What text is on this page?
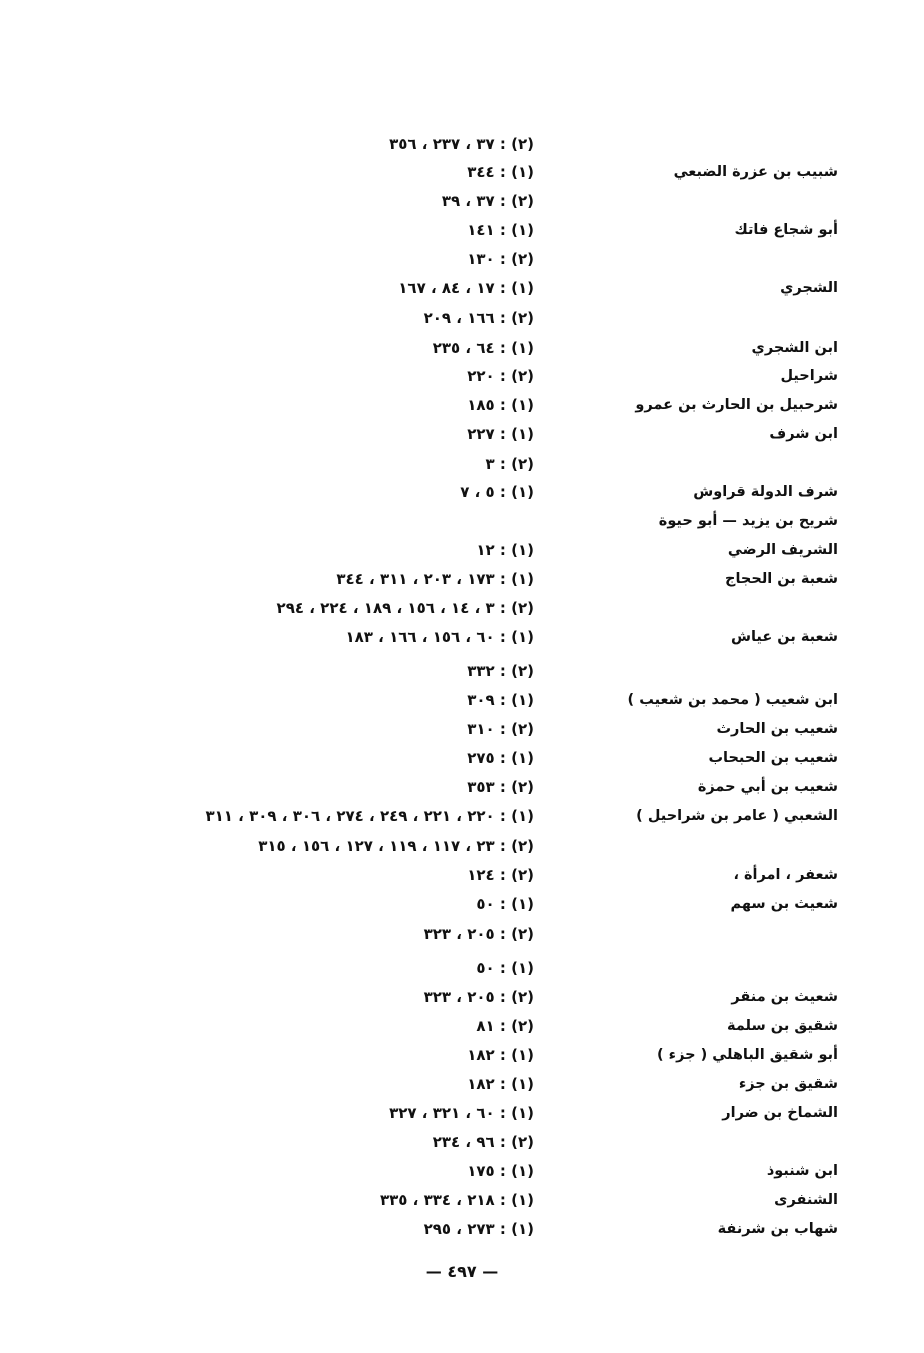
(٢) : ٣٧ ، ٢٣٧ ، ٣٥٦
شبيب بن عزرة الضبعي
(١) : ٣٤٤
(٢) : ٣٧ ، ٣٩
أبو شجاع فاتك
(١) : ١٤١
(٢) : ١٣٠
الشجري
(١) : ١٧ ، ٨٤ ، ١٦٧
(٢) : ١٦٦ ، ٢٠٩
ابن الشجري
(١) : ٦٤ ، ٢٣٥
شراحيل
(٢) : ٢٢٠
شرحبيل بن الحارث بن عمرو
(١) : ١٨٥
ابن شرف
(١) : ٢٢٧
(٢) : ٣
شرف الدولة قراوش
(١) : ٥ ، ٧
شريح بن يزيد — أبو حيوة
الشريف الرضي
(١) : ١٢
شعبة بن الحجاج
(١) : ١٧٣ ، ٢٠٣ ، ٣١١ ، ٣٤٤
(٢) : ٣ ، ١٤ ، ١٥٦ ، ١٨٩ ، ٢٢٤ ، ٢٩٤
شعبة بن عياش
(١) : ٦٠ ، ١٥٦ ، ١٦٦ ، ١٨٣
(٢) : ٣٣٢
ابن شعيب ( محمد بن شعيب )
(١) : ٣٠٩
شعيب بن الحارث
(٢) : ٣١٠
شعيب بن الحبحاب
(١) : ٢٧٥
شعيب بن أبي حمزة
(٢) : ٣٥٣
الشعبي ( عامر بن شراحيل )
(١) : ٢٢٠ ، ٢٢١ ، ٢٤٩ ، ٢٧٤ ، ٣٠٦ ، ٣٠٩ ، ٣١١
(٢) : ٢٣ ، ١١٧ ، ١١٩ ، ١٢٧ ، ١٥٦ ، ٣١٥
شعفر ، امرأة ،
(٢) : ١٢٤
شعيث بن سهم
(١) : ٥٠
(٢) : ٢٠٥ ، ٣٢٣
(١) : ٥٠
شعيث بن منقر
(٢) : ٢٠٥ ، ٣٢٣
شقيق بن سلمة
(٢) : ٨١
أبو شقيق الباهلي ( جزء )
(١) : ١٨٢
شقيق بن جزء
(١) : ١٨٢
الشماخ بن ضرار
(١) : ٦٠ ، ٣٢١ ، ٣٢٧
(٢) : ٩٦ ، ٢٣٤
ابن شنبوذ
(١) : ١٧٥
الشنفرى
(١) : ٢١٨ ، ٣٣٤ ، ٣٣٥
شهاب بن شرنفة
(١) : ٢٧٣ ، ٢٩٥
— ٤٩٧ —
